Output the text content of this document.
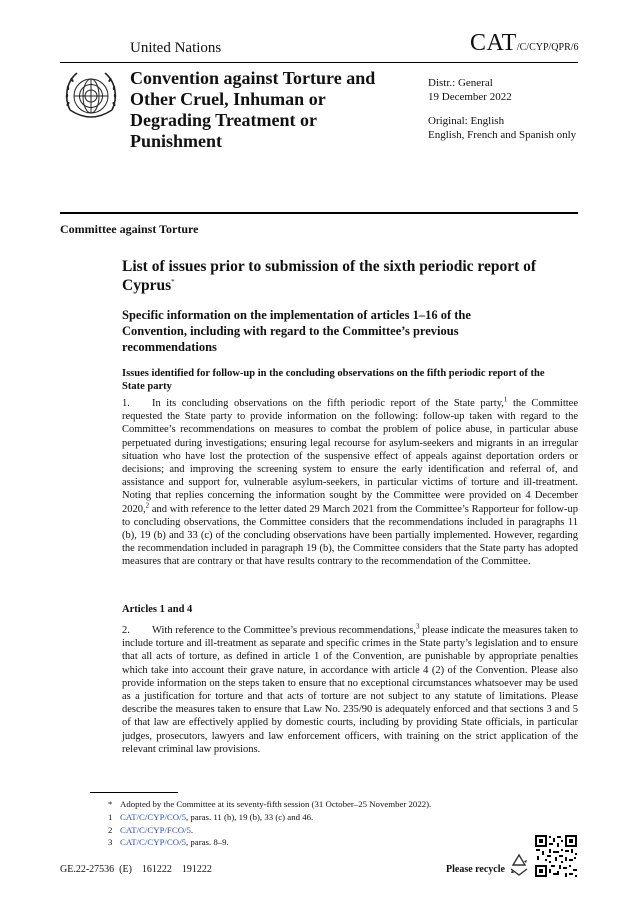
United Nations	CAT/C/CYP/QPR/6
Convention against Torture and Other Cruel, Inhuman or Degrading Treatment or Punishment
Distr.: General
19 December 2022
Original: English
English, French and Spanish only
Committee against Torture
List of issues prior to submission of the sixth periodic report of Cyprus*
Specific information on the implementation of articles 1–16 of the Convention, including with regard to the Committee’s previous recommendations
Issues identified for follow-up in the concluding observations on the fifth periodic report of the State party
1. In its concluding observations on the fifth periodic report of the State party,$^1$ the Committee requested the State party to provide information on the following: follow-up taken with regard to the Committee’s recommendations on measures to combat the problem of police abuse, in particular abuse perpetuated during investigations; ensuring legal recourse for asylum-seekers and migrants in an irregular situation who have lost the protection of the suspensive effect of appeals against deportation orders or decisions; and improving the screening system to ensure the early identification and referral of, and assistance and support for, vulnerable asylum-seekers, in particular victims of torture and ill-treatment. Noting that replies concerning the information sought by the Committee were provided on 4 December 2020,$^2$ and with reference to the letter dated 29 March 2021 from the Committee’s Rapporteur for follow-up to concluding observations, the Committee considers that the recommendations included in paragraphs 11 (b), 19 (b) and 33 (c) of the concluding observations have been partially implemented. However, regarding the recommendation included in paragraph 19 (b), the Committee considers that the State party has adopted measures that are contrary or that have results contrary to the recommendation of the Committee.
Articles 1 and 4
2. With reference to the Committee’s previous recommendations,$^3$ please indicate the measures taken to include torture and ill-treatment as separate and specific crimes in the State party’s legislation and to ensure that all acts of torture, as defined in article 1 of the Convention, are punishable by appropriate penalties which take into account their grave nature, in accordance with article 4 (2) of the Convention. Please also provide information on the steps taken to ensure that no exceptional circumstances whatsoever may be used as a justification for torture and that acts of torture are not subject to any statute of limitations. Please describe the measures taken to ensure that Law No. 235/90 is adequately enforced and that sections 3 and 5 of that law are effectively applied by domestic courts, including by providing State officials, in particular judges, prosecutors, lawyers and law enforcement officers, with training on the strict application of the relevant criminal law provisions.
* Adopted by the Committee at its seventy-fifth session (31 October–25 November 2022).
1 CAT/C/CYP/CO/5, paras. 11 (b), 19 (b), 33 (c) and 46.
2 CAT/C/CYP/FCO/5.
3 CAT/C/CYP/CO/5, paras. 8–9.
GE.22-27536  (E)    161222    191222	Please recycle
